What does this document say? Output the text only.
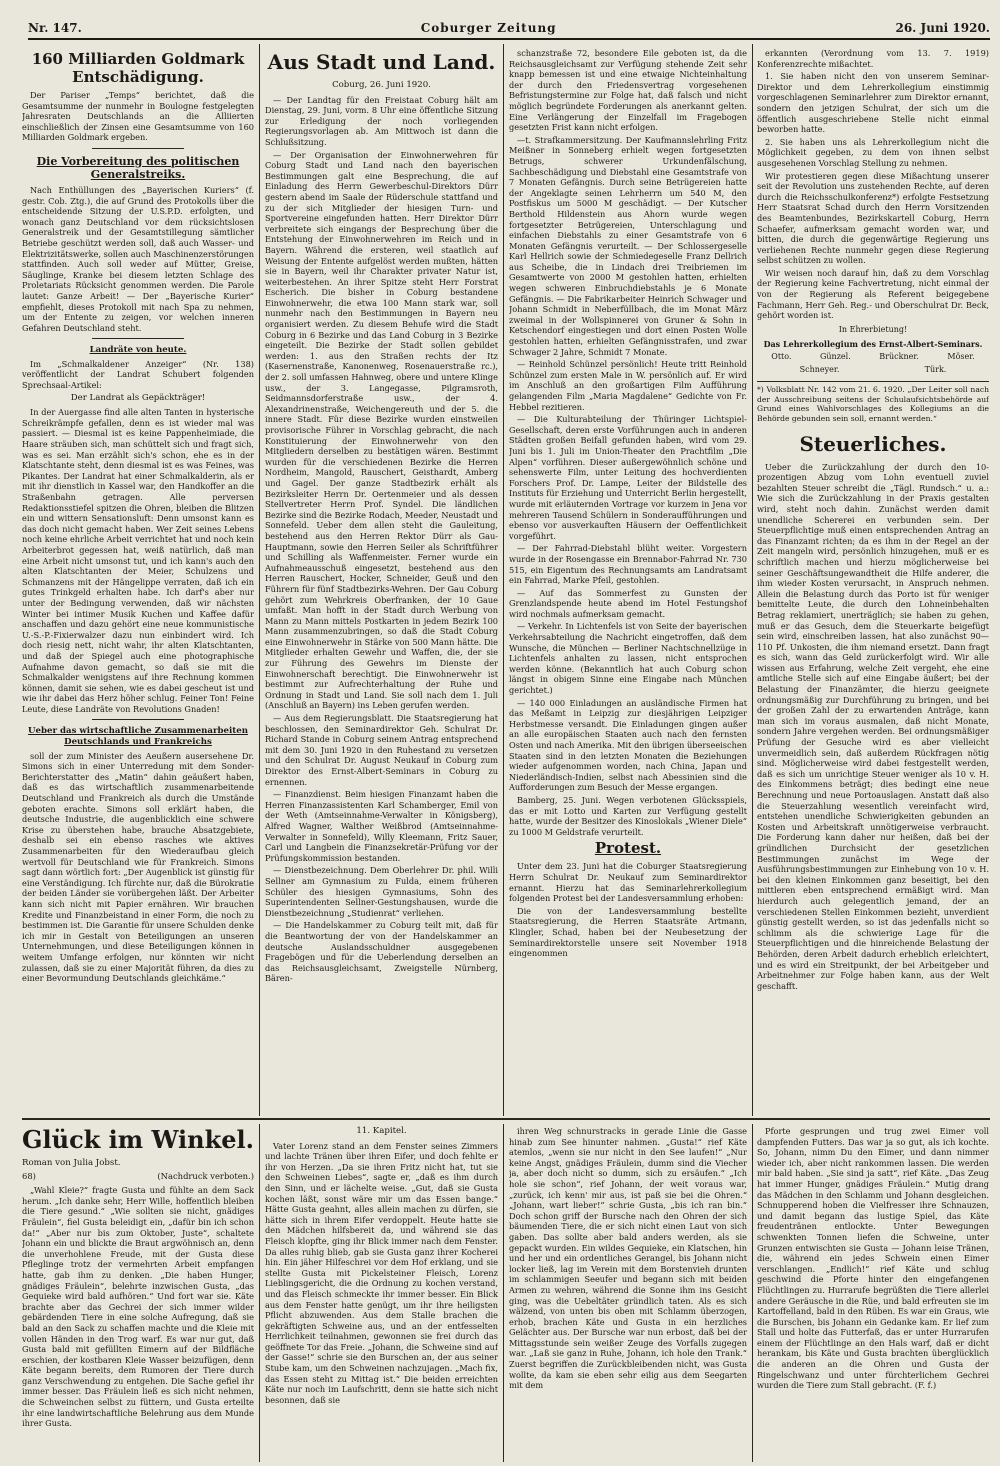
Nr. 147.	Coburger Zeitung	26. Juni 1920.
160 Milliarden Goldmark Entschädigung.

Der Pariser „Temps“ berichtet, daß die Gesamtsumme der nunmehr in Boulogne festgelegten Jahresraten Deutschlands an die Alliierten einschließlich der Zinsen eine Gesamtsumme von 160 Milliarden Goldmark ergeben.

Die Vorbereitung des politischen Generalstreiks.

Nach Enthüllungen des „Bayerischen Kuriers“ (f. gestr. Cob. Ztg.), die auf Grund des Protokolls über die entscheidende Sitzung der U.S.P.D. erfolgten, und wonach ganz Deutschland vor dem rücksichtslosen Generalstreik und der Gesamtstillegung sämtlicher Betriebe geschützt werden soll, daß auch Wasser- und Elektrizitätswerke, sollen auch Maschinenzerstörungen stattfinden. Auch soll weder auf Mütter, Greise, Säuglinge, Kranke bei diesem letzten Schlage des Proletariats Rücksicht genommen werden. Die Parole lautet: Ganze Arbeit! — Der „Bayerische Kurier“ empfiehlt, dieses Protokoll mit nach Spa zu nehmen, um der Entente zu zeigen, vor welchen inneren Gefahren Deutschland steht.

Landräte von heute.

Im „Schmalkaldener Anzeiger“ (Nr. 138) veröffentlicht der Landrat Schubert folgenden Sprechsaal-Artikel:

Der Landrat als Gepäckträger!

In der Auergasse find alle alten Tanten in hysterische Schreikrämpfe gefallen, denn es ist wieder mal was passiert. — Diesmal ist es keine Pappenheimiade, die Haare sträuben sich, man schüttelt sich und fragt sich, was es sei. Man erzählt sich's schon, ehe es in der Klatschtante steht, denn diesmal ist es was Feines, was Pikantes. Der Landrat hat einer Schmalkalderin, als er mit ihr dienstlich in Kassel war, den Handkoffer an die Straßenbahn getragen. Alle perversen Redaktionsstiefel spitzen die Ohren, bleiben die Blitzen ein und wittern Sensationsluft: Denn umsonst kann es das doch nicht gemacht haben. Wer Zeit seines Lebens noch keine ehrliche Arbeit verrichtet hat und noch kein Arbeiterbrot gegessen hat, weiß natürlich, daß man eine Arbeit nicht umsonst tut, und ich kann's auch den alten Klatschtanten der Meier, Schulzens und Schmanzens mit der Hängelippe verraten, daß ich ein gutes Trinkgeld erhalten habe. Ich darf's aber nur unter der Bedingung verwenden, daß wir nächsten Winter bei intimer Musik Kuchen und Kaffee dafür anschaffen und dazu gehört eine neue kommunistische U.-S.-P.-Fixierwalzer dazu nun einbindert wird. Ich doch riesig nett, nicht wahr, ihr alten Klatschtanten, und daß der Spiegel auch eine photographische Aufnahme davon gemacht, so daß sie mit die Schmalkalder wenigstens auf ihre Rechnung kommen können, damit sie sehen, wie es dabei gescheut ist und wie ihr dabei das Herz höher schlug. Feiner Ton! Feine Leute, diese Landräte von Revolutions Gnaden!

Ueber das wirtschaftliche Zusammenarbeiten Deutschlands und Frankreichs

soll der zum Minister des Aeußern ausersehene Dr. Simons sich in einer Unterredung mit dem Sonder-Berichterstatter des „Matin“ dahin geäußert haben, daß es das wirtschaftlich zusammenarbeitende Deutschland und Frankreich als durch die Umstände geboten erachte. Simons soll erklärt haben, die deutsche Industrie, die augenblicklich eine schwere Krise zu überstehen habe, brauche Absatzgebiete, deshalb sei ein ebenso rasches wie aktives Zusammenarbeiten für den Wiederaufbau gleich wertvoll für Deutschland wie für Frankreich. Simons sagt dann wörtlich fort: „Der Augenblick ist günstig für eine Verständigung. Ich fürchte nur, daß die Bürokratie der beiden Länder sie vorübergehen läßt. Der Arbeiter kann sich nicht mit Papier ernähren. Wir brauchen Kredite und Finanzbeistand in einer Form, die noch zu bestimmen ist. Die Garantie für unsere Schulden denke ich mir in Gestalt von Beteiligungen an unseren Unternehmungen, und diese Beteiligungen können in weitem Umfange erfolgen, nur könnten wir nicht zulassen, daß sie zu einer Majorität führen, da dies zu einer Bevormundung Deutschlands gleichkäme.“

Aus Stadt und Land.
Coburg, 26. Juni 1920.

— Der Landtag für den Freistaat Coburg hält am Dienstag, 29. Juni, vorm. 8 Uhr eine öffentliche Sitzung zur Erledigung der noch vorliegenden Regierungsvorlagen ab. Am Mittwoch ist dann die Schlußsitzung.

— Der Organisation der Einwohnerwehren für Coburg Stadt und Land nach den bayerischen Bestimmungen galt eine Besprechung, die auf Einladung des Herrn Gewerbeschul-Direktors Dürr gestern abend im Saale der Rüderschule stattfand und zu der sich Mitglieder der hiesigen Turn- und Sportvereine eingefunden hatten. Herr Direktor Dürr verbreitete sich eingangs der Besprechung über die Entstehung der Einwohnerwehren im Reich und in Bayern. Während die ersteren, weil staatlich auf Weisung der Entente aufgelöst werden mußten, hätten sie in Bayern, weil ihr Charakter privater Natur ist, weiterbestehen. An ihrer Spitze steht Herr Forstrat Escherich. Die bisher in Coburg bestandene Einwohnerwehr, die etwa 100 Mann stark war, soll nunmehr nach den Bestimmungen in Bayern neu organisiert werden. Zu diesem Behufe wird die Stadt Coburg in 6 Bezirke und das Land Coburg in 3 Bezirke eingeteilt. Die Bezirke der Stadt sollen gebildet werden: 1. aus den Straßen rechts der Itz (Kasernenstraße, Kanonenweg, Rosenauerstraße rc.), der 2. soll umfassen Hahnweg, obere und untere Klinge usw., der 3. Langegasse, Pilgramsroth, Seidmannsdorferstraße usw., der 4. Alexandrinenstraße, Weichengereuth und der 5. die innere Stadt. Für diese Bezirke wurden einstweilen provisorische Führer in Vorschlag gebracht, die nach Konstituierung der Einwohnerwehr von den Mitgliedern derselben zu bestätigen wären. Bestimmt wurden für die verschiedenen Bezirke die Herren Nordheim, Mangold, Rauschert, Geisthardt, Amberg und Gagel. Der ganze Stadtbezirk erhält als Bezirksleiter Herrn Dr. Oertenmeier und als dessen Stellvertreter Herrn Prof. Syndel. Die ländlichen Bezirke sind die Bezirke Rodach, Meeder, Neustadt und Sonnefeld. Ueber dem allen steht die Gauleitung, bestehend aus den Herren Rektor Dürr als Gau-Hauptmann, sowie den Herren Seiler als Schriftführer und Schilling als Waffenmeister. Ferner wurde ein Aufnahmeausschuß eingesetzt, bestehend aus den Herren Rauschert, Hocker, Schneider, Geuß und den Führern für fünf Stadtbezirks-Wehren. Der Gau Coburg gehört zum Wehrkreis Oberfranken, der 10 Gaue umfaßt. Man hofft in der Stadt durch Werbung von Mann zu Mann mittels Postkarten in jedem Bezirk 100 Mann zusammenzubringen, so daß die Stadt Coburg eine Einwohnerwehr in Stärke von 500 Mann hätte. Die Mitglieder erhalten Gewehr und Waffen, die, der sie zur Führung des Gewehrs im Dienste der Einwohnerschaft berechtigt. Die Einwohnerwehr ist bestimmt zur Aufrechterhaltung der Ruhe und Ordnung in Stadt und Land. Sie soll nach dem 1. Juli (Anschluß an Bayern) ins Leben gerufen werden.

— Aus dem Regierungsblatt. Die Staatsregierung hat beschlossen, den Seminardirektor Geh. Schulrat Dr. Richard Stande in Coburg seinem Antrag entsprechend mit dem 30. Juni 1920 in den Ruhestand zu versetzen und den Schulrat Dr. August Neukauf in Coburg zum Direktor des Ernst-Albert-Seminars in Coburg zu ernennen.

— Finanzdienst. Beim hiesigen Finanzamt haben die Herren Finanzassistenten Karl Schamberger, Emil von der Weth (Amtseinnahme-Verwalter in Königsberg), Alfred Wagner, Walther Weißbrod (Amtseinnahme-Verwalter in Sonnefeld), Willy Kleemann, Fritz Sauer, Carl und Langbein die Finanzsekretär-Prüfung vor der Prüfungskommission bestanden.

— Dienstbezeichnung. Dem Oberlehrer Dr. phil. Willi Sellner am Gymnasium zu Fulda, einem früheren Schüler des hiesigen Gymnasiums, Sohn des Superintendenten Sellner-Gestungshausen, wurde die Dienstbezeichnung „Studienrat“ verliehen.

— Die Handelskammer zu Coburg teilt mit, daß für die Beantwortung der von der Handelskammer an deutsche Auslandsschuldner ausgegebenen Fragebögen und für die Ueberlendung derselben an das Reichsausgleichsamt, Zweigstelle Nürnberg, Bären-

schanzstraße 72, besondere Eile geboten ist, da die Reichsausgleichsamt zur Verfügung stehende Zeit sehr knapp bemessen ist und eine etwaige Nichteinhaltung der durch den Friedensvertrag vorgesehenen Befristungstermine zur Folge hat, daß falsch und nicht möglich begründete Forderungen als anerkannt gelten. Eine Verlängerung der Einzelfall im Fragebogen gesetzten Frist kann nicht erfolgen.

—t. Strafkammersitzung. Der Kaufmannslehrling Fritz Meißner in Sonneberg erhielt wegen fortgesetzten Betrugs, schwerer Urkundenfälschung, Sachbeschädigung und Diebstahl eine Gesamtstrafe von 7 Monaten Gefängnis. Durch seine Betrügereien hatte der Angeklagte seinen Lehrherrn um 540 M, den Postfiskus um 5000 M geschädigt. — Der Kutscher Berthold Hildenstein aus Ahorn wurde wegen fortgesetzter Betrügereien, Unterschlagung und einfachen Diebstahls zu einer Gesamtstrafe von 6 Monaten Gefängnis verurteilt. — Der Schlossergeselle Karl Hellrich sowie der Schmiedegeselle Franz Dellrich aus Scheibe, die in Lindach drei Treibriemen im Gesamtwerte von 2000 M gestohlen hatten, erhielten wegen schweren Einbruchdiebstahls je 6 Monate Gefängnis. — Die Fabrikarbeiter Heinrich Schwager und Johann Schmidt in Neberfüllbach, die im Monat März zweimal in der Wollspinnerei von Gruner & Sohn in Ketschendorf eingestiegen und dort einen Posten Wolle gestohlen hatten, erhielten Gefängnisstrafen, und zwar Schwager 2 Jahre, Schmidt 7 Monate.

— Reinhold Schünzel persönlich! Heute tritt Reinhold Schünzel zum ersten Male in W. persönlich auf. Er wird im Anschluß an den großartigen Film Aufführung gelangenden Film „Maria Magdalene“ Gedichte von Fr. Hebbel rezitieren.

— Die Kulturabteilung der Thüringer Lichtspiel-Gesellschaft, deren erste Vorführungen auch in anderen Städten großen Beifall gefunden haben, wird vom 29. Juni bis 1. Juli im Union-Theater den Prachtfilm „Die Alpen“ vorführen. Dieser außergewöhnlich schöne und sehenswerte Film, unter Leitung des hochverdienten Forschers Prof. Dr. Lampe, Leiter der Bildstelle des Instituts für Erziehung und Unterricht Berlin hergestellt, wurde mit erläuternden Vortrage vor kurzem in Jena vor mehreren Tausend Schülern in Sonderaufführungen und ebenso vor ausverkauften Häusern der Oeffentlichkeit vorgeführt.

— Der Fahrrad-Diebstahl blüht weiter. Vorgestern wurde in der Rosengasse ein Brennabor-Fahrrad Nr. 730 515, ein Eigentum des Rechnungsamts am Landratsamt ein Fahrrad, Marke Pfeil, gestohlen.

— Auf das Sommerfest zu Gunsten der Grenzlandspende heute abend im Hotel Festungshof wird nochmals aufmerksam gemacht.

— Verkehr. In Lichtenfels ist von Seite der bayerischen Verkehrsabteilung die Nachricht eingetroffen, daß dem Wunsche, die München — Berliner Nachtschnellzüge in Lichtenfels anhalten zu lassen, nicht entsprochen werden könne. (Bekanntlich hat auch Coburg schon längst in obigem Sinne eine Eingabe nach München gerichtet.)

— 140 000 Einladungen an ausländische Firmen hat das Meßamt in Leipzig zur diesjährigen Leipziger Herbstmesse versandt. Die Einladungen gingen außer an alle europäischen Staaten auch nach den fernsten Osten und nach Amerika. Mit den übrigen überseeischen Staaten sind in den letzten Monaten die Beziehungen wieder aufgenommen worden, nach China, Japan und Niederländisch-Indien, selbst nach Abessinien sind die Aufforderungen zum Besuch der Messe ergangen.

Bamberg, 25. Juni. Wegen verbotenen Glücksspiels, das er mit Lotto und Karten zur Verfügung gestellt hatte, wurde der Besitzer des Kinoslokals „Wiener Diele“ zu 1000 M Geldstrafe verurteilt.

Protest.

Unter dem 23. Juni hat die Coburger Staatsregierung Herrn Schulrat Dr. Neukauf zum Seminardirektor ernannt. Hierzu hat das Seminarlehrerkollegium folgenden Protest bei der Landesversammlung erhoben:

Die von der Landesversammlung bestellte Staatsregierung, die Herren Staatsräte Artmann, Klingler, Schad, haben bei der Neubesetzung der Seminardirektorstelle unsere seit November 1918 eingenommen

erkannten (Verordnung vom 13. 7. 1919) Konferenzrechte mißachtet.

1. Sie haben nicht den von unserem Seminar-Direktor und dem Lehrerkollegium einstimmig vorgeschlagenen Seminarlehrer zum Direktor ernannt, sondern den jetzigen Schulrat, der sich um die öffentlich ausgeschriebene Stelle nicht einmal beworben hatte.

2. Sie haben uns als Lehrerkollegium nicht die Möglichkeit gegeben, zu dem von ihnen selbst ausgesehenen Vorschlag Stellung zu nehmen.

Wir protestieren gegen diese Mißachtung unserer seit der Revolution uns zustehenden Rechte, auf deren durch die Reichsschulkonferenz*) erfolgte Festsetzung Herr Staatsrat Schad durch den Herrn Vorsitzenden des Beamtenbundes, Bezirkskartell Coburg, Herrn Schaefer, aufmerksam gemacht worden war, und bitten, die durch die gegenwärtige Regierung uns verliehenen Rechte nunmehr gegen diese Regierung selbst schützen zu wollen.

Wir weisen noch darauf hin, daß zu dem Vorschlag der Regierung keine Fachvertretung, nicht einmal der von der Regierung als Referent beigegebene Fachmann, Herr Geh. Reg.- und Oberschulrat Dr. Beck, gehört worden ist.

In Ehrerbietung!
Das Lehrerkollegium des Ernst-Albert-Seminars.
Otto.	Günzel.	Brückner.	Möser.
Schneyer.	Türk.
*) Volksblatt Nr. 142 vom 21. 6. 1920. „Der Leiter soll nach der Ausschreibung seitens der Schulaufsichtsbehörde auf Grund eines Wahlvorschlages des Kollegiums an die Behörde gebunden sein soll, ernannt werden.“
Steuerliches.

Ueber die Zurückzahlung der durch den 10-prozentigen Abzug vom Lohn eventuell zuviel bezahlten Steuer schreibt die „Tägl. Rundsch.“ u. a.: Wie sich die Zurückzahlung in der Praxis gestalten wird, steht noch dahin. Zunächst werden damit unendliche Schererei en verbunden sein. Der Steuerpflichtige muß einen entsprechenden Antrag an das Finanzamt richten; da es ihm in der Regel an der Zeit mangeln wird, persönlich hinzugehen, muß er es schriftlich machen und hierzu möglicherweise bei seiner Geschäftsungewandtheit die Hilfe anderer, die ihm wieder Kosten verursacht, in Anspruch nehmen. Allein die Belastung durch das Porto ist für weniger bemittelte Leute, die durch den Lohneinbehalten Betrag reklamiert, unerträglich; sie haben zu gehen, muß er das Gesuch, dem die Steuerkarte beigefügt sein wird, einschreiben lassen, hat also zunächst 90—110 Pf. Unkosten, die ihm niemand ersetzt. Dann fragt es sich, wann das Geld zurückerfolgt wird. Wir alle wissen aus Erfahrung, welche Zeit vergeht, ehe eine amtliche Stelle sich auf eine Eingabe äußert; bei der Belastung der Finanzämter, die hierzu geeignete ordnungsmäßig zur Durchführung zu bringen, und bei der großen Zahl der zu erwartenden Anträge, kann man sich im voraus ausmalen, daß nicht Monate, sondern Jahre vergehen werden. Bei ordnungsmäßiger Prüfung der Gesuche wird es aber vielleicht unvermeidlich sein, daß außerdem Rückfragen nötig sind. Möglicherweise wird dabei festgestellt werden, daß es sich um unrichtige Steuer weniger als 10 v. H. des Einkommens beträgt; dies bedingt eine neue Berechnung und neue Portoauslagen. Anstatt daß also die Steuerzahlung wesentlich vereinfacht wird, entstehen unendliche Schwierigkeiten gebunden an Kosten und Arbeitskraft unnötigerweise verbraucht. Die Forderung kann daher nur heißen, daß bei der gründlichen Durchsicht der gesetzlichen Bestimmungen zunächst im Wege der Ausführungsbestimmungen zur Einhebung von 10 v. H. bei den kleinen Einkommen ganz beseitigt, bei den mittleren eben entsprechend ermäßigt wird. Man hierdurch auch gelegentlich jemand, der an verschiedenen Stellen Einkommen bezieht, unverdient günstig gestellt werden, so ist das jedenfalls nicht so schlimm als die schwierige Lage für die Steuerpflichtigen und die hinreichende Belastung der Behörden, deren Arbeit dadurch erheblich erleichtert, und es wird ein Streitpunkt, der bei Arbeitgeber und Arbeitnehmer zur Folge haben kann, aus der Welt geschafft.

Glück im Winkel.
Roman von Julia Jobst.
68)	(Nachdruck verboten.)

„Wahl Kleie?“ fragte Gusta und fühlte an dem Sack herum. „Ich danke sehr, Herr Wille, hoffentlich bleiben die Tiere gesund.“ „Wie sollten sie nicht, gnädiges Fräulein“, fiel Gusta beleidigt ein, „dafür bin ich schon da!“ „Aber nur bis zum Oktober, Juste“, schaltete Johann ein und blickte die Braut argwöhnisch an, denn die unverhohlene Freude, mit der Gusta diese Pfleglinge trotz der vermehrten Arbeit empfangen hatte, gab ihm zu denken. „Die haben Hunger, gnädiges Fräulein“, belehrte inzwischen Gusta, „das Gequieke wird bald aufhören.“ Und fort war sie. Käte brachte aber das Gechrei der sich immer wilder gebärdenden Tiere in eine solche Aufregung, daß sie bald an den Sack zu schaffen machte und die Kleie mit vollen Händen in den Trog warf. Es war nur gut, daß Gusta bald mit gefüllten Eimern auf der Bildfläche erschien, der kostbaren Kleie Wasser beizufügen, denn Käte begann bereits, dem Rumoren der Tiere durch ganz Verschwendung zu entgehen. Die Sache gefiel ihr immer besser. Das Fräulein ließ es sich nicht nehmen, die Schweinchen selbst zu füttern, und Gusta erteilte ihr eine landwirtschaftliche Belehrung aus dem Munde ihrer Gusta.

11. Kapitel.

Vater Lorenz stand an dem Fenster seines Zimmers und lachte Tränen über ihren Eifer, und doch fehlte er ihr von Herzen. „Da sie ihren Fritz nicht hat, tut sie den Schweinen Liebes“, sagte er, „daß es ihm durch den Sinn, und er lächelte weise. „Gut, daß sie Gusta kochen läßt, sonst wäre mir um das Essen bange.“ Hätte Gusta geahnt, alles allein machen zu dürfen, sie hätte sich in ihrem Eifer verdoppelt. Heute hatte sie den Mädchen hilfsbereit da, und während sie das Fleisch klopfte, ging ihr Blick immer nach dem Fenster. Da alles ruhig blieb, gab sie Gusta ganz ihrer Kocherei hin. Ein jäher Hilfeschrei vor dem Hof erklang, und sie stellte Gusta mit Pickelsteiner Fleisch, Lorenz Lieblingsgericht, die die Ordnung zu kochen verstand, und das Fleisch schmeckte ihr immer besser. Ein Blick aus dem Fenster hatte genügt, um ihr ihre heiligsten Pflicht abzuwenden. Aus dem Stalle brachen die gekräftigten Schweine aus, und an der entfesselten Herrlichkeit teilnahmen, gewonnen sie frei durch das geöffnete Tor das Freie. „Johann, die Schweine sind auf der Gasse!“ schrie sie den Burschen an, der aus seiner Stube kam, um den Schweinen nachzujagen. „Mach fix, das Essen steht zu Mittag ist.“ Die beiden erreichten Käte nur noch im Laufschritt, denn sie hatte sich nicht besonnen, daß sie

ihren Weg schnurstracks in gerade Linie die Gasse hinab zum See hinunter nahmen. „Gusta!“ rief Käte atemlos, „wenn sie nur nicht in den See laufen!“ „Nur keine Angst, gnädiges Fräulein, dumm sind die Viecher ja, aber doch nicht so dumm, sich zu ersäufen.“ „Ich hole sie schon“, rief Johann, der weit voraus war, „zurück, ich kenn' mir aus, ist paß sie bei die Ohren.“ „Johann, wart lieber!“ schrie Gusta, „bis ich ran bin.“ Doch schon griff der Bursche nach den Ohren der sich bäumenden Tiere, die er sich nicht einen Laut von sich gaben. Das sollte aber bald anders werden, als sie gepackt wurden. Ein wildes Gequieke, ein Klatschen, hin und her und ein ordentliches Gerangel, bis Johann nicht locker ließ, lag im Verein mit dem Borstenvieh drunten im schlammigen Seeufer und begann sich mit beiden Armen zu wehren, während die Sonne ihm ins Gesicht ging, was die Uebeltäter gründlich taten. Als es sich wälzend, von unten bis oben mit Schlamm überzogen, erhob, brachen Käte und Gusta in ein herzliches Gelächter aus. Der Bursche war nun erbost, daß bei der Mittagsstunde sein weißer Zeuge des Vorfalls zugegen war. „Laß sie ganz in Ruhe, Johann, ich hole den Trank.“ Zuerst begriffen die Zurückbleibenden nicht, was Gusta wollte, da kam sie eben sehr eilig aus dem Seegarten mit dem

Pforte gesprungen und trug zwei Eimer voll dampfenden Futters. Das war ja so gut, als ich kochte. So, Johann, nimm Du den Eimer, und dann nimmer wieder ich, aber nicht rankommen lassen. Die werden mir bald haben. „Sie sind ja satt“, rief Käte. „Das Zeug hat immer Hunger, gnädiges Fräulein.“ Mutig drang das Mädchen in den Schlamm und Johann desgleichen. Schnupperend hoben die Vielfresser ihre Schnauzen, und damit begann das lustige Spiel, das Käte freudentränen entlockte. Unter Bewegungen schwenkten Tonnen liefen die Schweine, unter Grunzen entwischten sie Gusta — Johann leise Tränen, die, während ein jedes Schwein einen Eimer verschlangen. „Endlich!“ rief Käte und schlug geschwind die Pforte hinter den eingefangenen Flüchtlingen zu. Hurrarufe begrüßten die Tiere allerlei andere Geräusche in die Rüe, und bald erfreuten sie im Kartoffelland, bald in den Rüben. Es war ein Graus, wie die Burschen, bis Johann ein Gedanke kam. Er lief zum Stall und holte das Futterfaß, das er unter Hurrarufen einem der Flüchtlinge an den Hals warf, daß er dicht herankam, bis Käte und Gusta brachten überglücklich die anderen an die Ohren und Gusta der Ringelschwanz und unter fürchterlichem Gechrei wurden die Tiere zum Stall gebracht. (F. f.)
